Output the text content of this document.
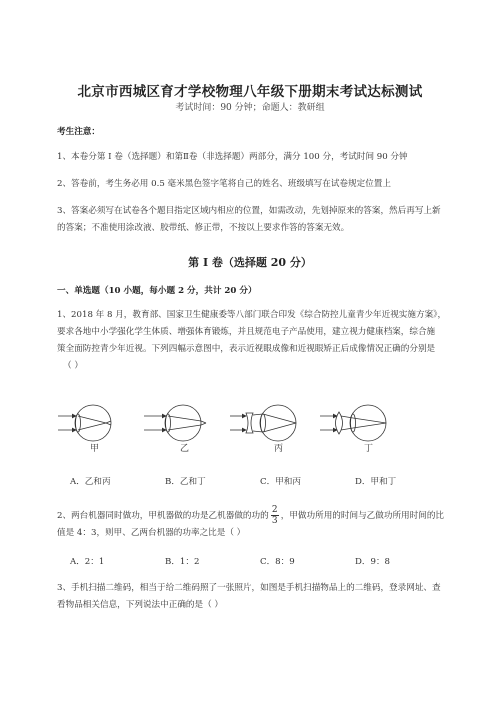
北京市西城区育才学校物理八年级下册期末考试达标测试
考试时间：90 分钟；命题人：教研组
考生注意：
1、本卷分第 I 卷（选择题）和第Ⅱ卷（非选择题）两部分，满分 100 分，考试时间 90 分钟
2、答卷前，考生务必用 0.5 毫米黑色签字笔将自己的姓名、班级填写在试卷规定位置上
3、答案必须写在试卷各个题目指定区域内相应的位置，如需改动，先划掉原来的答案，然后再写上新
的答案；不准使用涂改液、胶带纸、修正带，不按以上要求作答的答案无效。
第 I 卷（选择题 20 分）
一、单选题（10 小题，每小题 2 分，共计 20 分）
1、2018 年 8 月，教育部、国家卫生健康委等八部门联合印发《综合防控儿童青少年近视实施方案》，
要求各地中小学强化学生体质、增强体育锻炼，并且规范电子产品使用，建立视力健康档案，综合施
策全面防控青少年近视。下列四幅示意图中，表示近视眼成像和近视眼矫正后成像情况正确的分别是
（ ）
甲	乙	丙	丁
A．乙和丙	B．乙和丁	C．甲和丙	D．甲和丁
2、两台机器同时做功，甲机器做的功是乙机器做的功的 $\frac{2}{3}$ ，甲做功所用的时间与乙做功所用时间的比
值是 4：3，则甲、乙两台机器的功率之比是（ ）
A．2：1	B．1：2	C．8：9	D．9：8
3、手机扫描二维码，相当于给二维码照了一张照片，如图是手机扫描物品上的二维码，登录网址、查
看物品相关信息，下列说法中正确的是（ ）
